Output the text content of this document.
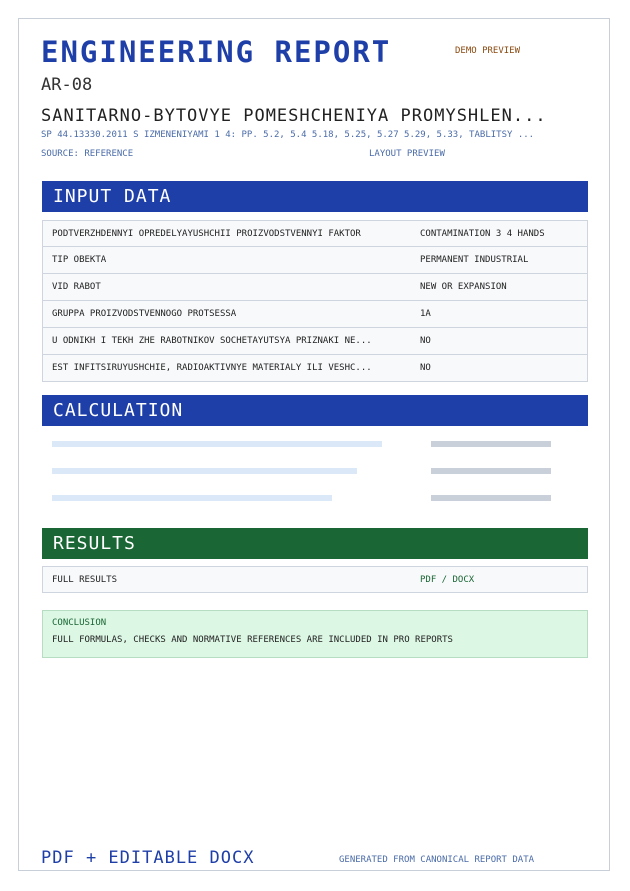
ENGINEERING REPORT	DEMO PREVIEW
AR-08
SANITARNO-BYTOVYE POMESHCHENIYA PROMYSHLEN...
SP 44.13330.2011 S IZMENENIYAMI 1 4: PP. 5.2, 5.4 5.18, 5.25, 5.27 5.29, 5.33, TABLITSY ...
SOURCE: REFERENCE	LAYOUT PREVIEW
INPUT DATA
PODTVERZHDENNYI OPREDELYAYUSHCHII PROIZVODSTVENNYI FAKTOR	CONTAMINATION 3 4 HANDS
TIP OBEKTA	PERMANENT INDUSTRIAL
VID RABOT	NEW OR EXPANSION
GRUPPA PROIZVODSTVENNOGO PROTSESSA	1A
U ODNIKH I TEKH ZHE RABOTNIKOV SOCHETAYUTSYA PRIZNAKI NE...	NO
EST INFITSIRUYUSHCHIE, RADIOAKTIVNYE MATERIALY ILI VESHC...	NO
CALCULATION
RESULTS
FULL RESULTS	PDF / DOCX
CONCLUSION
FULL FORMULAS, CHECKS AND NORMATIVE REFERENCES ARE INCLUDED IN PRO REPORTS
PDF + EDITABLE DOCX	GENERATED FROM CANONICAL REPORT DATA
